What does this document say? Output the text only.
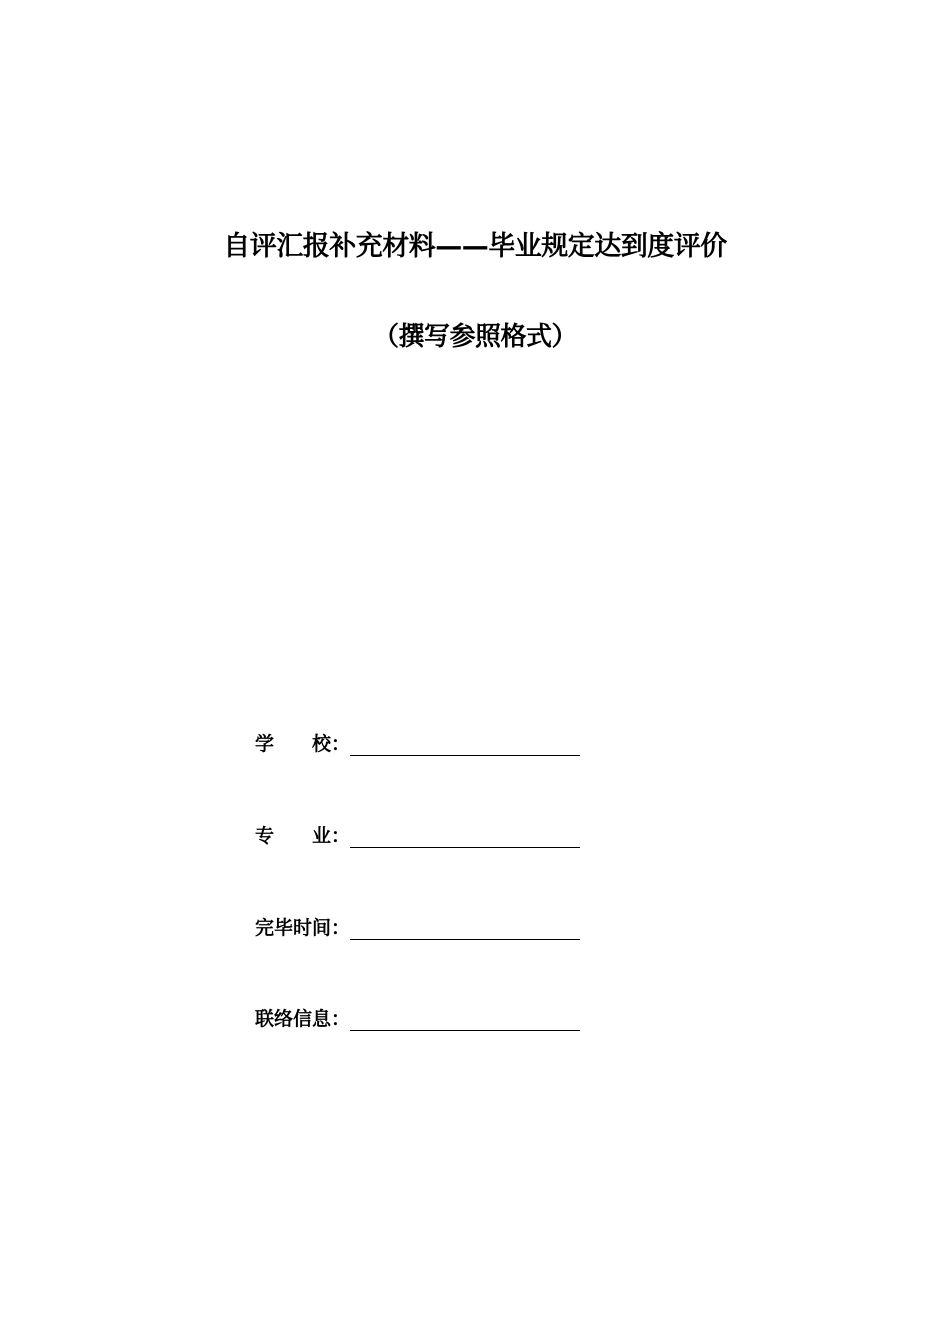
自评汇报补充材料——毕业规定达到度评价
（撰写参照格式）
学　　校：
专　　业：
完毕时间：
联络信息：
